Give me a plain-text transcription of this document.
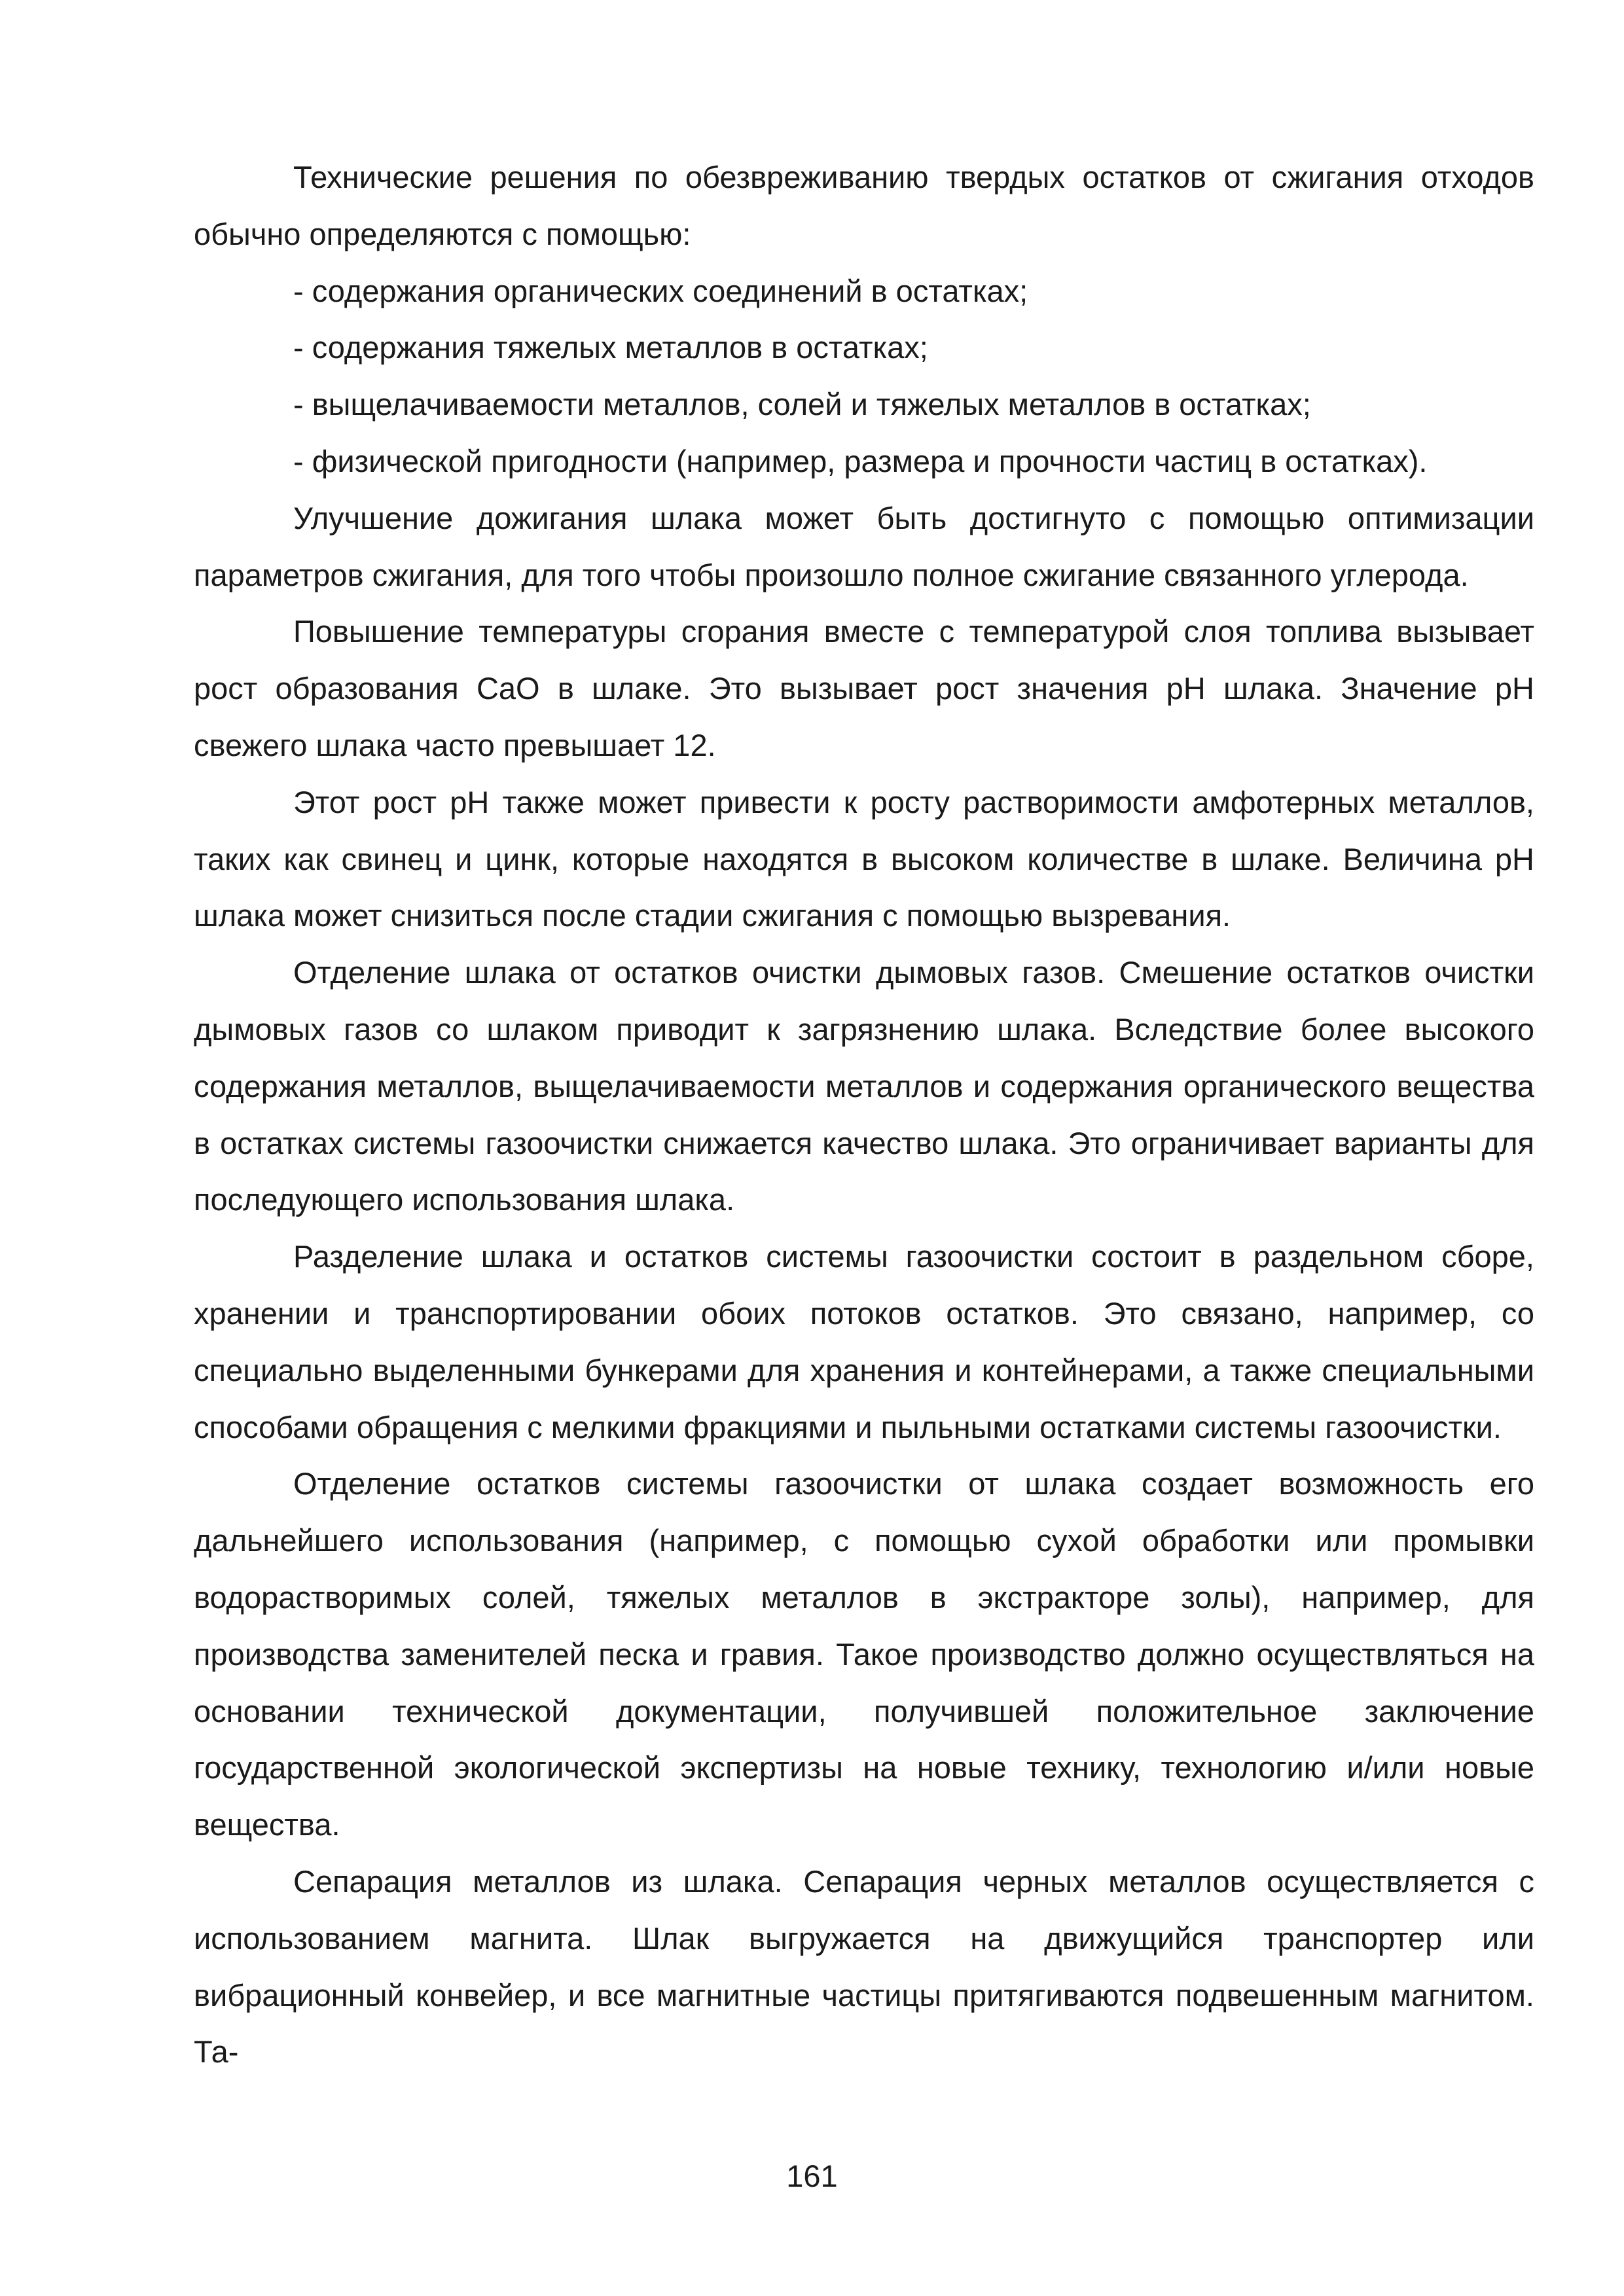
Технические решения по обезвреживанию твердых остатков от сжигания отходов обычно определяются с помощью:

- содержания органических соединений в остатках;

- содержания тяжелых металлов в остатках;

- выщелачиваемости металлов, солей и тяжелых металлов в остатках;

- физической пригодности (например, размера и прочности частиц в остатках).

Улучшение дожигания шлака может быть достигнуто с помощью оптимизации параметров сжигания, для того чтобы произошло полное сжигание связанного углерода.

Повышение температуры сгорания вместе с температурой слоя топлива вызывает рост образования CaO в шлаке. Это вызывает рост значения pH шлака. Значение pH свежего шлака часто превышает 12.

Этот рост pH также может привести к росту растворимости амфотерных металлов, таких как свинец и цинк, которые находятся в высоком количестве в шлаке. Величина pH шлака может снизиться после стадии сжигания с помощью вызревания.

Отделение шлака от остатков очистки дымовых газов. Смешение остатков очистки дымовых газов со шлаком приводит к загрязнению шлака. Вследствие более высокого содержания металлов, выщелачиваемости металлов и содержания органического вещества в остатках системы газоочистки снижается качество шлака. Это ограничивает варианты для последующего использования шлака.

Разделение шлака и остатков системы газоочистки состоит в раздельном сборе, хранении и транспортировании обоих потоков остатков. Это связано, например, со специально выделенными бункерами для хранения и контейнерами, а также специальными способами обращения с мелкими фракциями и пыльными остатками системы газоочистки.

Отделение остатков системы газоочистки от шлака создает возможность его дальнейшего использования (например, с помощью сухой обработки или промывки водорастворимых солей, тяжелых металлов в экстракторе золы), например, для производства заменителей песка и гравия. Такое производство должно осуществляться на основании технической документации, получившей положительное заключение государственной экологической экспертизы на новые технику, технологию и/или новые вещества.

Сепарация металлов из шлака. Сепарация черных металлов осуществляется с использованием магнита. Шлак выгружается на движущийся транспортер или вибрационный конвейер, и все магнитные частицы притягиваются подвешенным магнитом. Та-

161
